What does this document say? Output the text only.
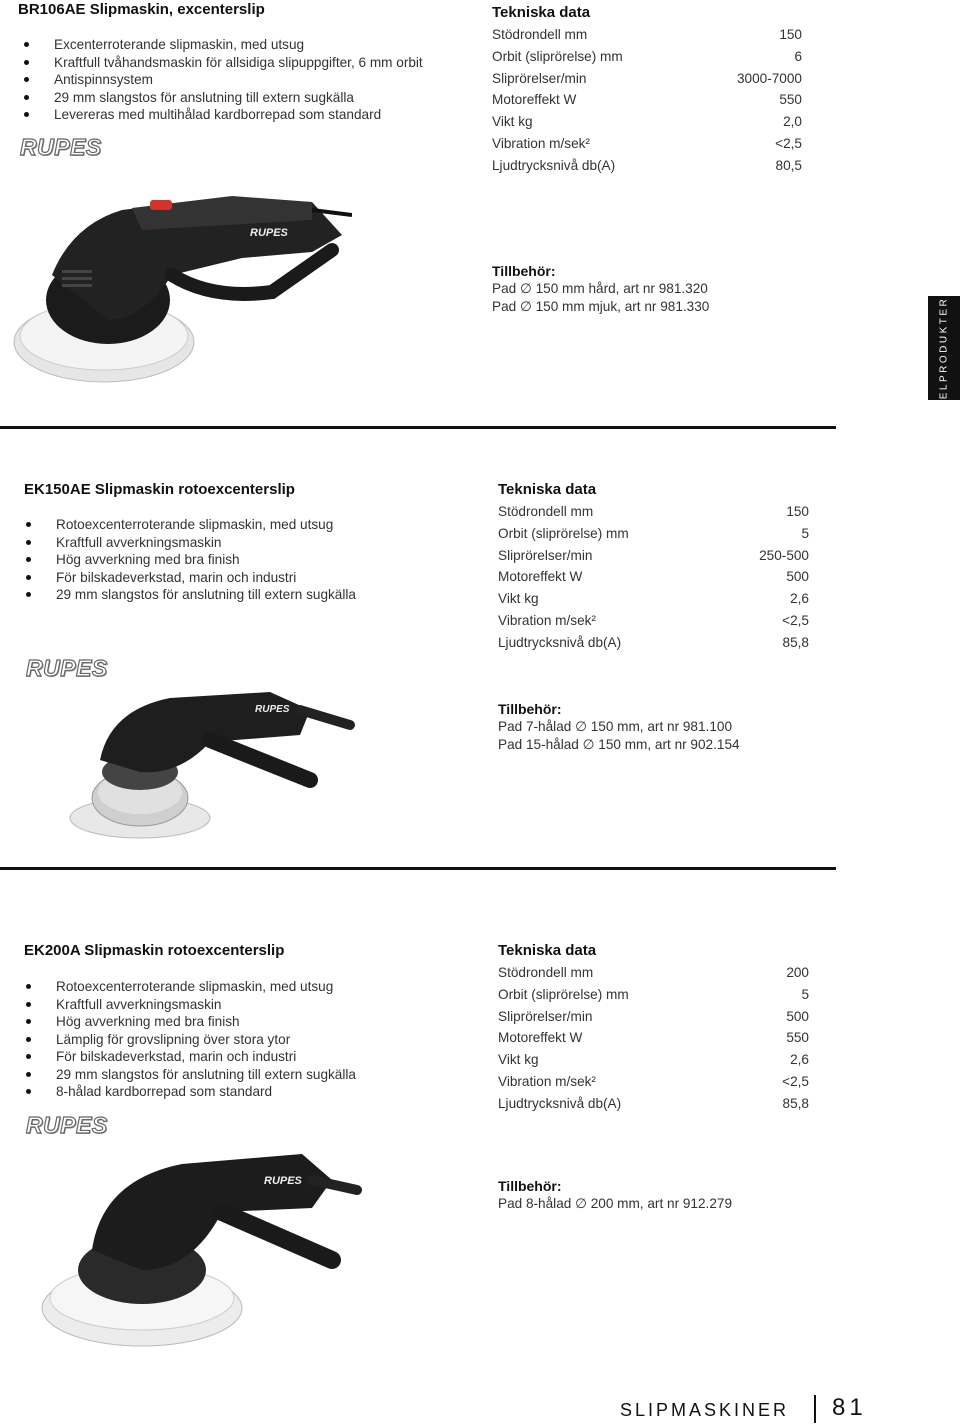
BR106AE Slipmaskin, excenterslip
Excenterroterande slipmaskin, med utsug
Kraftfull tvåhandsmaskin för allsidiga slipuppgifter, 6 mm orbit
Antispinnsystem
29 mm slangstos för anslutning till extern sugkälla
Levereras med multihålad kardborrepad som standard
RUPES
Tekniska data
Stödrondell mm	150
Orbit (sliprörelse) mm	6
Sliprörelser/min	3000-7000
Motoreffekt W	550
Vikt kg	2,0
Vibration m/sek²	<2,5
Ljudtrycksnivå db(A)	80,5
Tillbehör:
Pad ∅ 150 mm hård, art nr 981.320
Pad ∅ 150 mm mjuk, art nr 981.330
RUPES
ELPRODUKTER
EK150AE Slipmaskin rotoexcenterslip
Rotoexcenterroterande slipmaskin, med utsug
Kraftfull avverkningsmaskin
Hög avverkning med bra finish
För bilskadeverkstad, marin och industri
29 mm slangstos för anslutning till extern sugkälla
RUPES
Tekniska data
Stödrondell mm	150
Orbit (sliprörelse) mm	5
Sliprörelser/min	250-500
Motoreffekt W	500
Vikt kg	2,6
Vibration m/sek²	<2,5
Ljudtrycksnivå db(A)	85,8
Tillbehör:
Pad 7-hålad ∅ 150 mm, art nr 981.100
Pad 15-hålad ∅ 150 mm, art nr 902.154
RUPES
EK200A Slipmaskin rotoexcenterslip
Rotoexcenterroterande slipmaskin, med utsug
Kraftfull avverkningsmaskin
Hög avverkning med bra finish
Lämplig för grovslipning över stora ytor
För bilskadeverkstad, marin och industri
29 mm slangstos för anslutning till extern sugkälla
8-hålad kardborrepad som standard
RUPES
Tekniska data
Stödrondell mm	200
Orbit (sliprörelse) mm	5
Sliprörelser/min	500
Motoreffekt W	550
Vikt kg	2,6
Vibration m/sek²	<2,5
Ljudtrycksnivå db(A)	85,8
Tillbehör:
Pad 8-hålad ∅ 200 mm, art nr 912.279
RUPES
SLIPMASKINER 81
